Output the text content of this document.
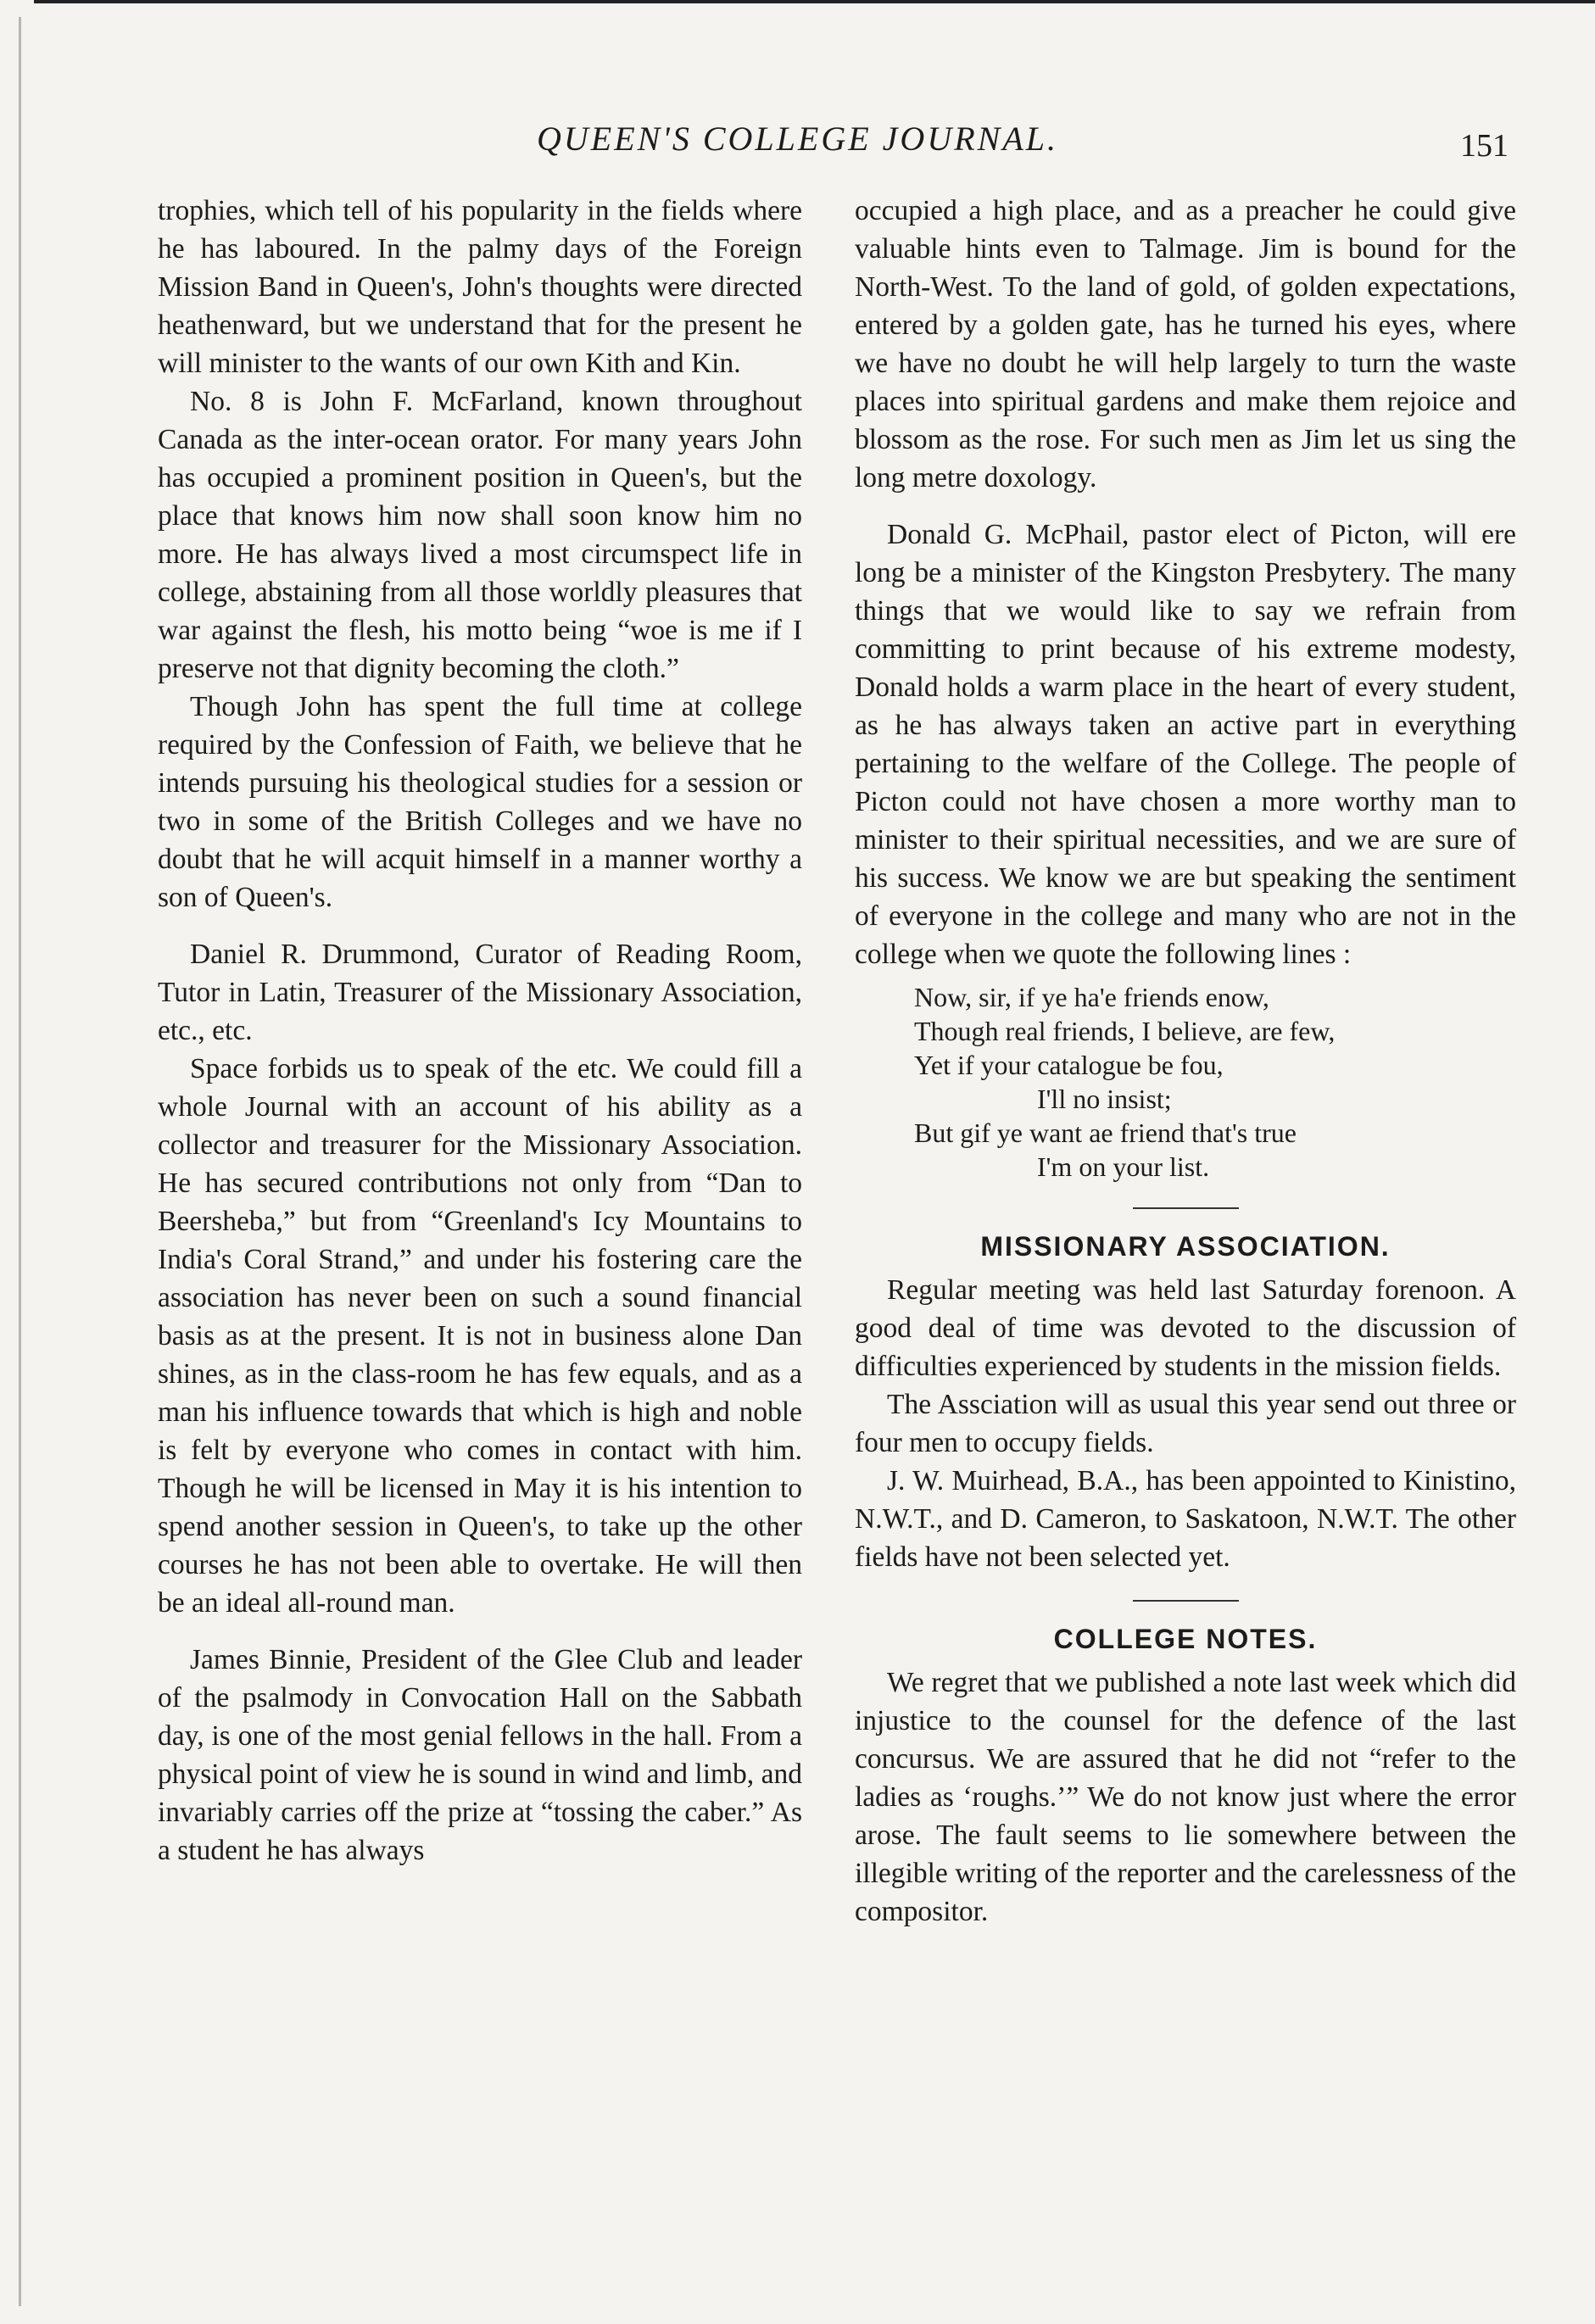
QUEEN'S COLLEGE JOURNAL.	151

trophies, which tell of his popularity in the fields where he has laboured. In the palmy days of the Foreign Mission Band in Queen's, John's thoughts were directed heathenward, but we understand that for the present he will minister to the wants of our own Kith and Kin.

No. 8 is John F. McFarland, known throughout Canada as the inter-ocean orator. For many years John has occupied a prominent position in Queen's, but the place that knows him now shall soon know him no more. He has always lived a most circumspect life in college, abstaining from all those worldly pleasures that war against the flesh, his motto being “woe is me if I preserve not that dignity becoming the cloth.”

Though John has spent the full time at college required by the Confession of Faith, we believe that he intends pursuing his theological studies for a session or two in some of the British Colleges and we have no doubt that he will acquit himself in a manner worthy a son of Queen's.

Daniel R. Drummond, Curator of Reading Room, Tutor in Latin, Treasurer of the Missionary Association, etc., etc.

Space forbids us to speak of the etc. We could fill a whole Journal with an account of his ability as a collector and treasurer for the Missionary Association. He has secured contributions not only from “Dan to Beersheba,” but from “Greenland's Icy Mountains to India's Coral Strand,” and under his fostering care the association has never been on such a sound financial basis as at the present. It is not in business alone Dan shines, as in the class-room he has few equals, and as a man his influence towards that which is high and noble is felt by everyone who comes in contact with him. Though he will be licensed in May it is his intention to spend another session in Queen's, to take up the other courses he has not been able to overtake. He will then be an ideal all-round man.

James Binnie, President of the Glee Club and leader of the psalmody in Convocation Hall on the Sabbath day, is one of the most genial fellows in the hall. From a physical point of view he is sound in wind and limb, and invariably carries off the prize at “tossing the caber.” As a student he has always

occupied a high place, and as a preacher he could give valuable hints even to Talmage. Jim is bound for the North-West. To the land of gold, of golden expectations, entered by a golden gate, has he turned his eyes, where we have no doubt he will help largely to turn the waste places into spiritual gardens and make them rejoice and blossom as the rose. For such men as Jim let us sing the long metre doxology.

Donald G. McPhail, pastor elect of Picton, will ere long be a minister of the Kingston Presbytery. The many things that we would like to say we refrain from committing to print because of his extreme modesty, Donald holds a warm place in the heart of every student, as he has always taken an active part in everything pertaining to the welfare of the College. The people of Picton could not have chosen a more worthy man to minister to their spiritual necessities, and we are sure of his success. We know we are but speaking the sentiment of everyone in the college and many who are not in the college when we quote the following lines :

Now, sir, if ye ha'e friends enow,
Though real friends, I believe, are few,
Yet if your catalogue be fou,
I'll no insist;
But gif ye want ae friend that's true
I'm on your list.
MISSIONARY ASSOCIATION.

Regular meeting was held last Saturday forenoon. A good deal of time was devoted to the discussion of difficulties experienced by students in the mission fields.

The Assciation will as usual this year send out three or four men to occupy fields.

J. W. Muirhead, B.A., has been appointed to Kinistino, N.W.T., and D. Cameron, to Saskatoon, N.W.T. The other fields have not been selected yet.

COLLEGE NOTES.

We regret that we published a note last week which did injustice to the counsel for the defence of the last concursus. We are assured that he did not “refer to the ladies as ‘roughs.’” We do not know just where the error arose. The fault seems to lie somewhere between the illegible writing of the reporter and the carelessness of the compositor.
